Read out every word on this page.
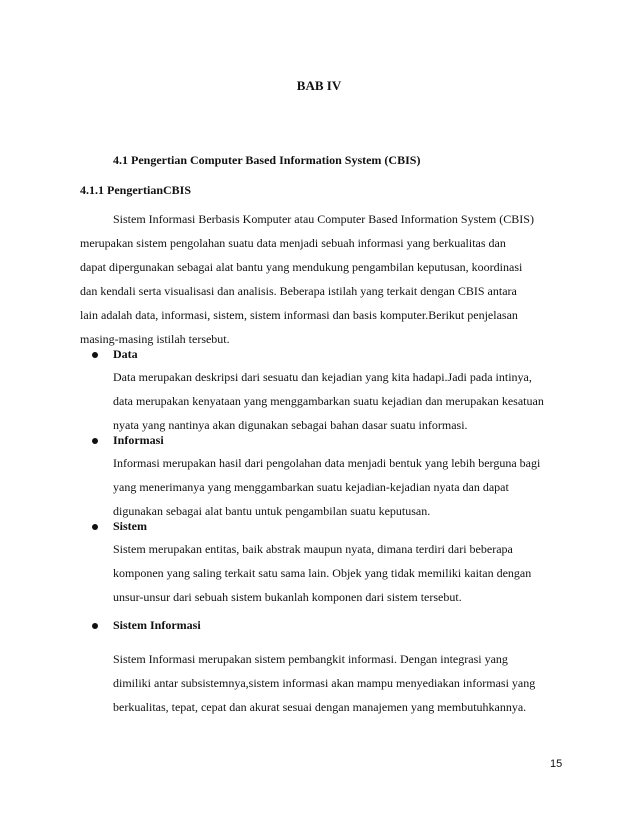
BAB IV
4.1 Pengertian Computer Based Information System (CBIS)
4.1.1 PengertianCBIS
Sistem Informasi Berbasis Komputer atau Computer Based Information System (CBIS)
merupakan sistem pengolahan suatu data menjadi sebuah informasi yang berkualitas dan
dapat dipergunakan sebagai alat bantu yang mendukung pengambilan keputusan, koordinasi
dan kendali serta visualisasi dan analisis. Beberapa istilah yang terkait dengan CBIS antara
lain adalah data, informasi, sistem, sistem informasi dan basis komputer.Berikut penjelasan
masing-masing istilah tersebut.
Data
Data merupakan deskripsi dari sesuatu dan kejadian yang kita hadapi.Jadi pada intinya,
data merupakan kenyataan yang menggambarkan suatu kejadian dan merupakan kesatuan
nyata yang nantinya akan digunakan sebagai bahan dasar suatu informasi.
Informasi
Informasi merupakan hasil dari pengolahan data menjadi bentuk yang lebih berguna bagi
yang menerimanya yang menggambarkan suatu kejadian-kejadian nyata dan dapat
digunakan sebagai alat bantu untuk pengambilan suatu keputusan.
Sistem
Sistem merupakan entitas, baik abstrak maupun nyata, dimana terdiri dari beberapa
komponen yang saling terkait satu sama lain. Objek yang tidak memiliki kaitan dengan
unsur-unsur dari sebuah sistem bukanlah komponen dari sistem tersebut.
Sistem Informasi
Sistem Informasi merupakan sistem pembangkit informasi. Dengan integrasi yang
dimiliki antar subsistemnya,sistem informasi akan mampu menyediakan informasi yang
berkualitas, tepat, cepat dan akurat sesuai dengan manajemen yang membutuhkannya.
15
